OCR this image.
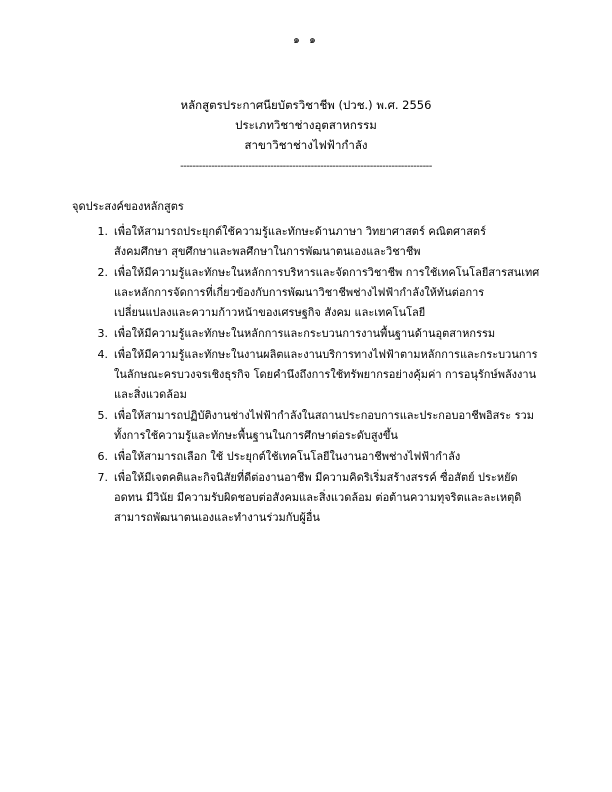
๑ ๑
หลักสูตรประกาศนียบัตรวิชาชีพ (ปวช.) พ.ศ. 2556
ประเภทวิชาช่างอุตสาหกรรม
สาขาวิชาช่างไฟฟ้ากำลัง
---------------------------------------------------------------------------------
จุดประสงค์ของหลักสูตร
1. เพื่อให้สามารถประยุกต์ใช้ความรู้และทักษะด้านภาษา วิทยาศาสตร์ คณิตศาสตร์ สังคมศึกษา สุขศึกษาและพลศึกษาในการพัฒนาตนเองและวิชาชีพ
2. เพื่อให้มีความรู้และทักษะในหลักการบริหารและจัดการวิชาชีพ การใช้เทคโนโลยีสารสนเทศและหลักการจัดการที่เกี่ยวข้องกับการพัฒนาวิชาชีพช่างไฟฟ้ากำลังให้ทันต่อการเปลี่ยนแปลงและความก้าวหน้าของเศรษฐกิจ สังคม และเทคโนโลยี
3. เพื่อให้มีความรู้และทักษะในหลักการและกระบวนการงานพื้นฐานด้านอุตสาหกรรม
4. เพื่อให้มีความรู้และทักษะในงานผลิตและงานบริการทางไฟฟ้าตามหลักการและกระบวนการในลักษณะครบวงจรเชิงธุรกิจ โดยคำนึงถึงการใช้ทรัพยากรอย่างคุ้มค่า การอนุรักษ์พลังงานและสิ่งแวดล้อม
5. เพื่อให้สามารถปฏิบัติงานช่างไฟฟ้ากำลังในสถานประกอบการและประกอบอาชีพอิสระ รวมทั้งการใช้ความรู้และทักษะพื้นฐานในการศึกษาต่อระดับสูงขึ้น
6. เพื่อให้สามารถเลือก ใช้ ประยุกต์ใช้เทคโนโลยีในงานอาชีพช่างไฟฟ้ากำลัง
7. เพื่อให้มีเจตคติและกิจนิสัยที่ดีต่องานอาชีพ มีความคิดริเริ่มสร้างสรรค์ ซื่อสัตย์ ประหยัด อดทน มีวินัย มีความรับผิดชอบต่อสังคมและสิ่งแวดล้อม ต่อต้านความทุจริตและละเหตุดิ สามารถพัฒนาตนเองและทำงานร่วมกับผู้อื่น
